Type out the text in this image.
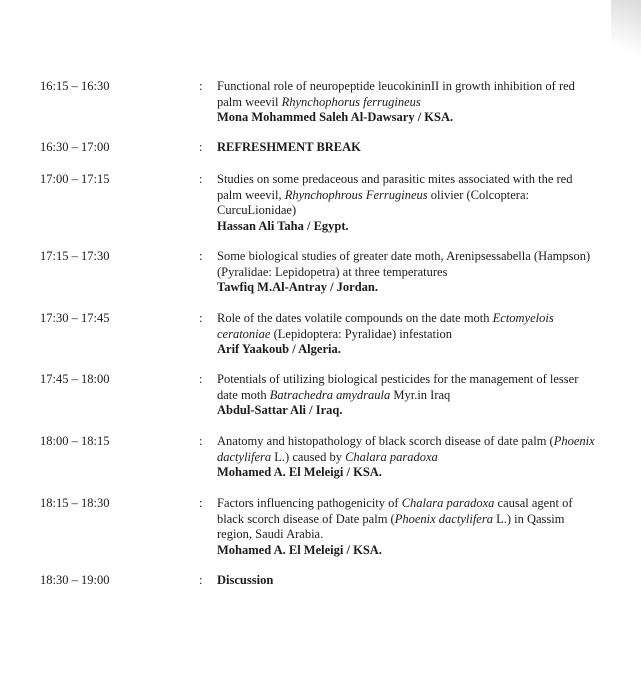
16:15 – 16:30	: Functional role of neuropeptide leucokininII in growth inhibition of red palm weevil Rhynchophorus ferrugineus
Mona Mohammed Saleh Al-Dawsary / KSA.
16:30 – 17:00	: REFRESHMENT BREAK
17:00 – 17:15	: Studies on some predaceous and parasitic mites associated with the red palm weevil, Rhynchophrous Ferrugineus olivier (Colcoptera: CurcuLionidae)
Hassan Ali Taha / Egypt.
17:15 – 17:30	: Some biological studies of greater date moth, Arenipsessabella (Hampson) (Pyralidae: Lepidopetra) at three temperatures
Tawfiq M.Al-Antray / Jordan.
17:30 – 17:45	: Role of the dates volatile compounds on the date moth Ectomyelois ceratoniae (Lepidoptera: Pyralidae) infestation
Arif Yaakoub / Algeria.
17:45 – 18:00	: Potentials of utilizing biological pesticides for the management of lesser date moth Batrachedra amydraula Myr.in Iraq
Abdul-Sattar Ali / Iraq.
18:00 – 18:15	: Anatomy and histopathology of black scorch disease of date palm (Phoenix dactylifera L.) caused by Chalara paradoxa
Mohamed A. El Meleigi / KSA.
18:15 – 18:30	: Factors influencing pathogenicity of Chalara paradoxa causal agent of black scorch disease of Date palm (Phoenix dactylifera L.) in Qassim region, Saudi Arabia.
Mohamed A. El Meleigi / KSA.
18:30 – 19:00	: Discussion
